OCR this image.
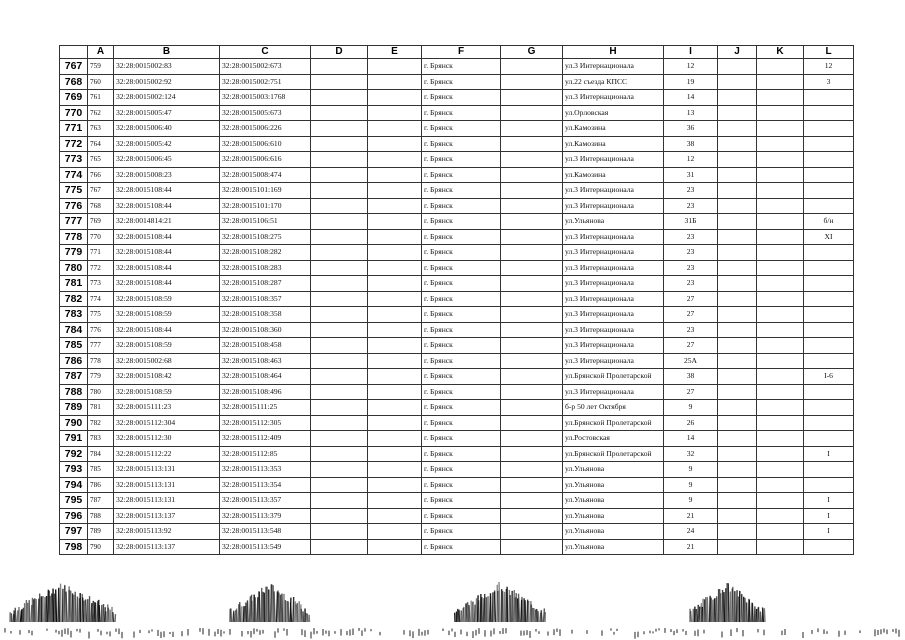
	A	B	C	D	E	F	G	H	I	J	K	L
767	759	32:28:0015002:83	32:28:0015002:673			г. Брянск		ул.3 Интернационала	12			12
768	760	32:28:0015002:92	32:28:0015002:751			г. Брянск		ул.22 съезда КПСС	19			3
769	761	32:28:0015002:124	32:28:0015003:1768			г. Брянск		ул.3 Интернационала	14			
770	762	32:28:0015005:47	32:28:0015005:673			г. Брянск		ул.Орловская	13			
771	763	32:28:0015006:40	32:28:0015006:226			г. Брянск		ул.Камозина	36			
772	764	32:28:0015005:42	32:28:0015006:610			г. Брянск		ул.Камозина	38			
773	765	32:28:0015006:45	32:28:0015006:616			г. Брянск		ул.3 Интернационала	12			
774	766	32:28:0015008:23	32:28:0015008:474			г. Брянск		ул.Камозина	31			
775	767	32:28:0015108:44	32:28:0015101:169			г. Брянск		ул.3 Интернационала	23			
776	768	32:28:0015108:44	32:28:0015101:170			г. Брянск		ул.3 Интернационала	23			
777	769	32:28:0014814:21	32:28:0015106:51			г. Брянск		ул.Ульянова	31Б			б/н
778	770	32:28:0015108:44	32:28:0015108:275			г. Брянск		ул.3 Интернационала	23			XI
779	771	32:28:0015108:44	32:28:0015108:282			г. Брянск		ул.3 Интернационала	23			
780	772	32:28:0015108:44	32:28:0015108:283			г. Брянск		ул.3 Интернационала	23			
781	773	32:28:0015108:44	32:28:0015108:287			г. Брянск		ул.3 Интернационала	23			
782	774	32:28:0015108:59	32:28:0015108:357			г. Брянск		ул.3 Интернационала	27			
783	775	32:28:0015108:59	32:28:0015108:358			г. Брянск		ул.3 Интернационала	27			
784	776	32:28:0015108:44	32:28:0015108:360			г. Брянск		ул.3 Интернационала	23			
785	777	32:28:0015108:59	32:28:0015108:458			г. Брянск		ул.3 Интернационала	27			
786	778	32:28:0015002:68	32:28:0015108:463			г. Брянск		ул.3 Интернационала	25А			
787	779	32:28:0015108:42	32:28:0015108:464			г. Брянск		ул.Брянской Пролетарской	38			I-6
788	780	32:28:0015108:59	32:28:0015108:496			г. Брянск		ул.3 Интернационала	27			
789	781	32:28:0015111:23	32:28:0015111:25			г. Брянск		б-р 50 лет Октября	9			
790	782	32:28:0015112:304	32:28:0015112:305			г. Брянск		ул.Брянской Пролетарской	26			
791	783	32:28:0015112:30	32:28:0015112:409			г. Брянск		ул.Ростовская	14			
792	784	32:28:0015112:22	32:28:0015112:85			г. Брянск		ул.Брянской Пролетарской	32			I
793	785	32:28:0015113:131	32:28:0015113:353			г. Брянск		ул.Ульянова	9			
794	786	32:28:0015113:131	32:28:0015113:354			г. Брянск		ул.Ульянова	9			
795	787	32:28:0015113:131	32:28:0015113:357			г. Брянск		ул.Ульянова	9			I
796	788	32:28:0015113:137	32:28:0015113:379			г. Брянск		ул.Ульянова	21			I
797	789	32:28:0015113:92	32:28:0015113:548			г. Брянск		ул.Ульянова	24			I
798	790	32:28:0015113:137	32:28:0015113:549			г. Брянск		ул.Ульянова	21			
